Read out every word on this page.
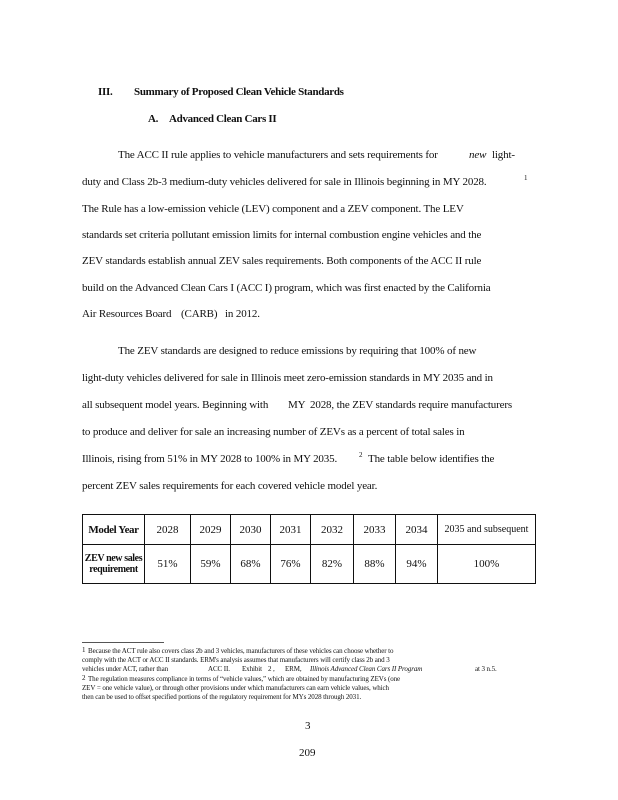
III. Summary of Proposed Clean Vehicle Standards
A. Advanced Clean Cars II
The ACC II rule applies to vehicle manufacturers and sets requirements for	new light-
duty and Class 2b-3 medium-duty vehicles delivered for sale in Illinois beginning in MY 2028.	1
The Rule has a low-emission vehicle (LEV) component and a ZEV component. The LEV
standards set criteria pollutant emission limits for internal combustion engine vehicles and the
ZEV standards establish annual ZEV sales requirements. Both components of the ACC II rule
build on the Advanced Clean Cars I (ACC I) program, which was first enacted by the California
Air Resources Board (CARB) in 2012.
The ZEV standards are designed to reduce emissions by requiring that 100% of new
light-duty vehicles delivered for sale in Illinois meet zero-emission standards in MY 2035 and in
all subsequent model years. Beginning with MY 2028, the ZEV standards require manufacturers
to produce and deliver for sale an increasing number of ZEVs as a percent of total sales in
Illinois, rising from 51% in MY 2028 to 100% in MY 2035.	2 The table below identifies the
percent ZEV sales requirements for each covered vehicle model year.
Model Year	2028	2029	2030	2031	2032	2033	2034	2035 and subsequent
ZEV new sales requirement	51%	59%	68%	76%	82%	88%	94%	100%
1 Because the ACT rule also covers class 2b and 3 vehicles, manufacturers of these vehicles can choose whether to
comply with the ACT or ACC II standards. ERM's analysis assumes that manufacturers will certify class 2b and 3
vehicles under ACT, rather than	ACC II. Exhibit 2 , ERM, Illinois Advanced Clean Cars II Program	at 3 n.5.
2 The regulation measures compliance in terms of “vehicle values,” which are obtained by manufacturing ZEVs (one
ZEV = one vehicle value), or through other provisions under which manufacturers can earn vehicle values, which
then can be used to offset specified portions of the regulatory requirement for MYs 2028 through 2031.
3
209
